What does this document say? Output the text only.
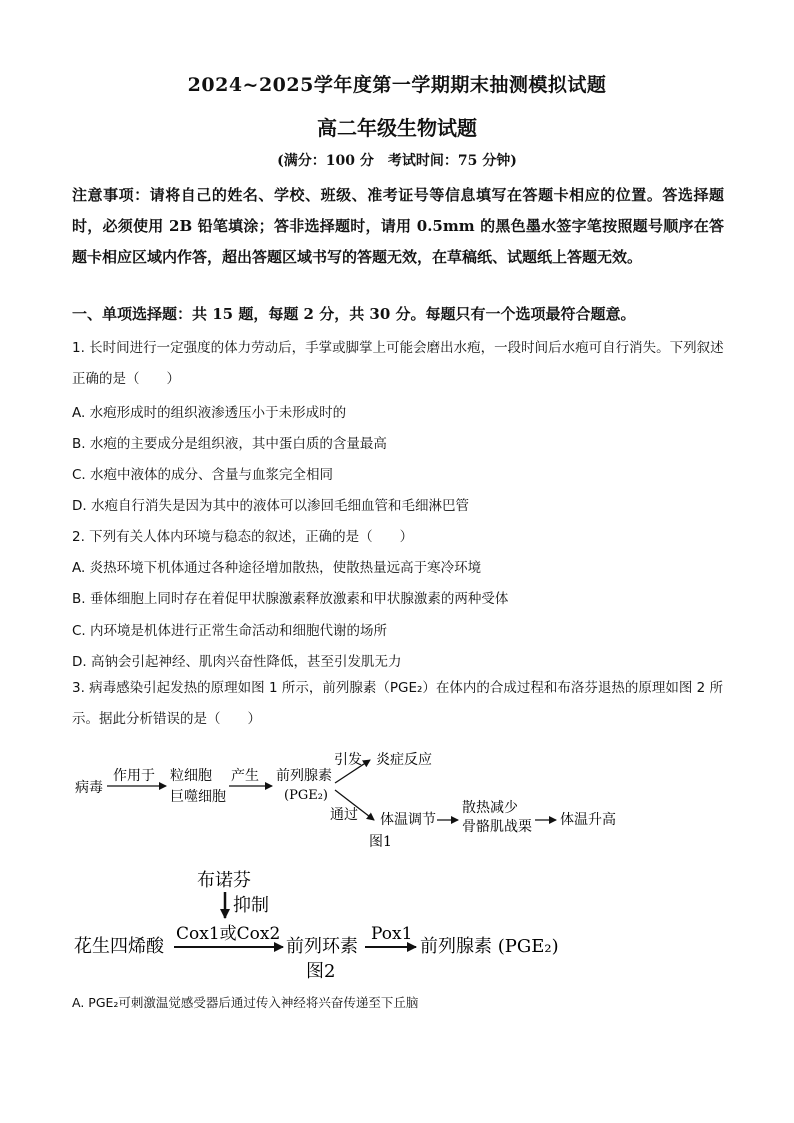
2024~2025学年度第一学期期末抽测模拟试题
高二年级生物试题
(满分：100 分　考试时间：75 分钟)
注意事项：请将自己的姓名、学校、班级、准考证号等信息填写在答题卡相应的位置。答选择题时，必须使用 2B 铅笔填涂；答非选择题时，请用 0.5mm 的黑色墨水签字笔按照题号顺序在答题卡相应区域内作答，超出答题区域书写的答题无效，在草稿纸、试题纸上答题无效。
一、单项选择题：共 15 题，每题 2 分，共 30 分。每题只有一个选项最符合题意。
1. 长时间进行一定强度的体力劳动后，手掌或脚掌上可能会磨出水疱，一段时间后水疱可自行消失。下列叙述正确的是（　　）
A. 水疱形成时的组织液渗透压小于未形成时的
B. 水疱的主要成分是组织液，其中蛋白质的含量最高
C. 水疱中液体的成分、含量与血浆完全相同
D. 水疱自行消失是因为其中的液体可以渗回毛细血管和毛细淋巴管
2. 下列有关人体内环境与稳态的叙述，正确的是（　　）
A. 炎热环境下机体通过各种途径增加散热，使散热量远高于寒冷环境
B. 垂体细胞上同时存在着促甲状腺激素释放激素和甲状腺激素的两种受体
C. 内环境是机体进行正常生命活动和细胞代谢的场所
D. 高钠会引起神经、肌肉兴奋性降低，甚至引发肌无力
3. 病毒感染引起发热的原理如图 1 所示，前列腺素（PGE₂）在体内的合成过程和布洛芬退热的原理如图 2 所示。据此分析错误的是（　　）
病毒
作用于 粒细胞
巨噬细胞
产生 前列腺素
(PGE₂)
引发 炎症反应
通过 体温调节
散热减少
骨骼肌战栗 体温升高
图1
布诺芬
抑制
花生四烯酸
Cox1或Cox2
前列环素
Pox1
前列腺素 (PGE₂)
图2
A. PGE₂可刺激温觉感受器后通过传入神经将兴奋传递至下丘脑
